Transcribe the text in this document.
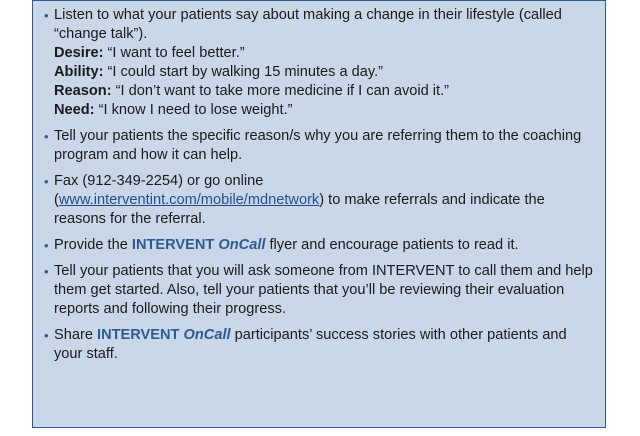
• Listen to what your patients say about making a change in their lifestyle (called “change talk”).
Desire: “I want to feel better.”
Ability: “I could start by walking 15 minutes a day.”
Reason: “I don’t want to take more medicine if I can avoid it.”
Need: “I know I need to lose weight.”
• Tell your patients the specific reason/s why you are referring them to the coaching program and how it can help.
• Fax (912-349-2254) or go online
(www.interventint.com/mobile/mdnetwork) to make referrals and indicate the reasons for the referral.
• Provide the INTERVENT OnCall flyer and encourage patients to read it.
• Tell your patients that you will ask someone from INTERVENT to call them and help them get started. Also, tell your patients that you’ll be reviewing their evaluation reports and following their progress.
• Share INTERVENT OnCall participants’ success stories with other patients and your staff.
